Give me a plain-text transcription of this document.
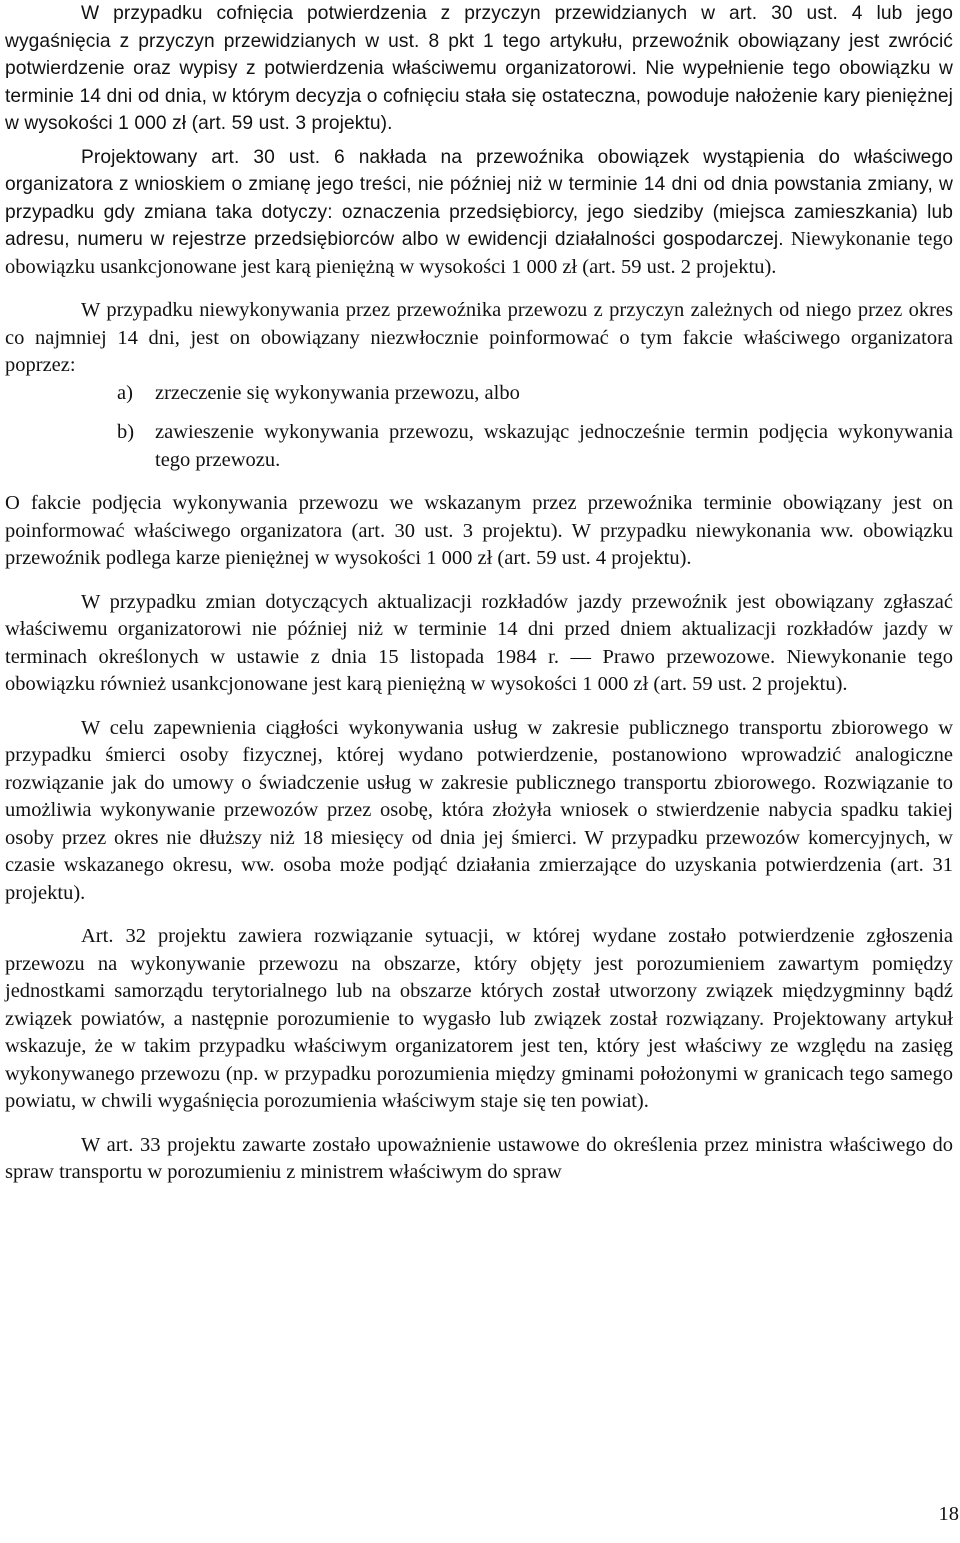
W przypadku cofnięcia potwierdzenia z przyczyn przewidzianych w art. 30 ust. 4 lub jego wygaśnięcia z przyczyn przewidzianych w ust. 8 pkt 1 tego artykułu, przewoźnik obowiązany jest zwrócić potwierdzenie oraz wypisy z potwierdzenia właściwemu organizatorowi. Nie wypełnienie tego obowiązku w terminie 14 dni od dnia, w którym decyzja o cofnięciu stała się ostateczna, powoduje nałożenie kary pieniężnej w wysokości 1 000 zł (art. 59 ust. 3 projektu).

Projektowany art. 30 ust. 6 nakłada na przewoźnika obowiązek wystąpienia do właściwego organizatora z wnioskiem o zmianę jego treści, nie później niż w terminie 14 dni od dnia powstania zmiany, w przypadku gdy zmiana taka dotyczy: oznaczenia przedsiębiorcy, jego siedziby (miejsca zamieszkania) lub adresu, numeru w rejestrze przedsiębiorców albo w ewidencji działalności gospodarczej. Niewykonanie tego obowiązku usankcjonowane jest karą pieniężną w wysokości 1 000 zł (art. 59 ust. 2 projektu).

W przypadku niewykonywania przez przewoźnika przewozu z przyczyn zależnych od niego przez okres co najmniej 14 dni, jest on obowiązany niezwłocznie poinformować o tym fakcie właściwego organizatora poprzez:

a) zrzeczenie się wykonywania przewozu, albo
b) zawieszenie wykonywania przewozu, wskazując jednocześnie termin podjęcia wykonywania tego przewozu.

O fakcie podjęcia wykonywania przewozu we wskazanym przez przewoźnika terminie obowiązany jest on poinformować właściwego organizatora (art. 30 ust. 3 projektu). W przypadku niewykonania ww. obowiązku przewoźnik podlega karze pieniężnej w wysokości 1 000 zł (art. 59 ust. 4 projektu).

W przypadku zmian dotyczących aktualizacji rozkładów jazdy przewoźnik jest obowiązany zgłaszać właściwemu organizatorowi nie później niż w terminie 14 dni przed dniem aktualizacji rozkładów jazdy w terminach określonych w ustawie z dnia 15 listopada 1984 r. — Prawo przewozowe. Niewykonanie tego obowiązku również usankcjonowane jest karą pieniężną w wysokości 1 000 zł (art. 59 ust. 2 projektu).

W celu zapewnienia ciągłości wykonywania usług w zakresie publicznego transportu zbiorowego w przypadku śmierci osoby fizycznej, której wydano potwierdzenie, postanowiono wprowadzić analogiczne rozwiązanie jak do umowy o świadczenie usług w zakresie publicznego transportu zbiorowego. Rozwiązanie to umożliwia wykonywanie przewozów przez osobę, która złożyła wniosek o stwierdzenie nabycia spadku takiej osoby przez okres nie dłuższy niż 18 miesięcy od dnia jej śmierci. W przypadku przewozów komercyjnych, w czasie wskazanego okresu, ww. osoba może podjąć działania zmierzające do uzyskania potwierdzenia (art. 31 projektu).

Art. 32 projektu zawiera rozwiązanie sytuacji, w której wydane zostało potwierdzenie zgłoszenia przewozu na wykonywanie przewozu na obszarze, który objęty jest porozumieniem zawartym pomiędzy jednostkami samorządu terytorialnego lub na obszarze których został utworzony związek międzygminny bądź związek powiatów, a następnie porozumienie to wygasło lub związek został rozwiązany. Projektowany artykuł wskazuje, że w takim przypadku właściwym organizatorem jest ten, który jest właściwy ze względu na zasięg wykonywanego przewozu (np. w przypadku porozumienia między gminami położonymi w granicach tego samego powiatu, w chwili wygaśnięcia porozumienia właściwym staje się ten powiat).

W art. 33 projektu zawarte zostało upoważnienie ustawowe do określenia przez ministra właściwego do spraw transportu w porozumieniu z ministrem właściwym do spraw

18
